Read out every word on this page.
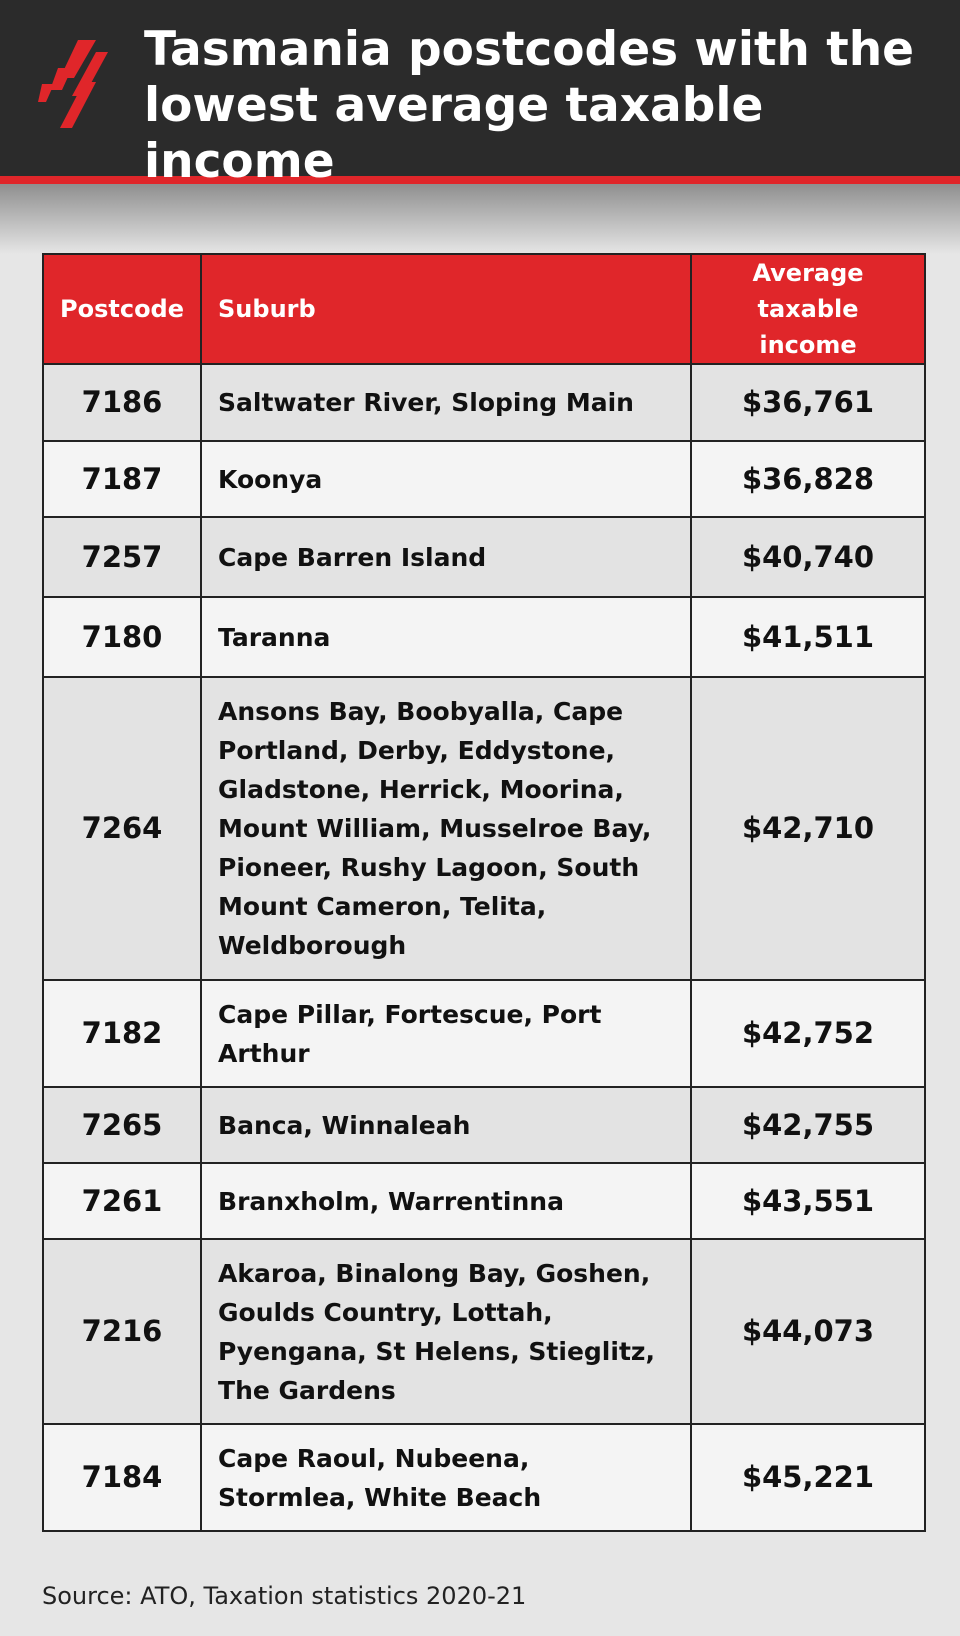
Tasmania postcodes with the
lowest average taxable income
Postcode	Suburb	Average
taxable income
7186	Saltwater River, Sloping Main	$36,761
7187	Koonya	$36,828
7257	Cape Barren Island	$40,740
7180	Taranna	$41,511
7264	Ansons Bay, Boobyalla, Cape Portland, Derby, Eddystone, Gladstone, Herrick, Moorina, Mount William, Musselroe Bay, Pioneer, Rushy Lagoon, South Mount Cameron, Telita, Weldborough	$42,710
7182	Cape Pillar, Fortescue, Port Arthur	$42,752
7265	Banca, Winnaleah	$42,755
7261	Branxholm, Warrentinna	$43,551
7216	Akaroa, Binalong Bay, Goshen, Goulds Country, Lottah, Pyengana, St Helens, Stieglitz, The Gardens	$44,073
7184	Cape Raoul, Nubeena, Stormlea, White Beach	$45,221
Source: ATO, Taxation statistics 2020-21
